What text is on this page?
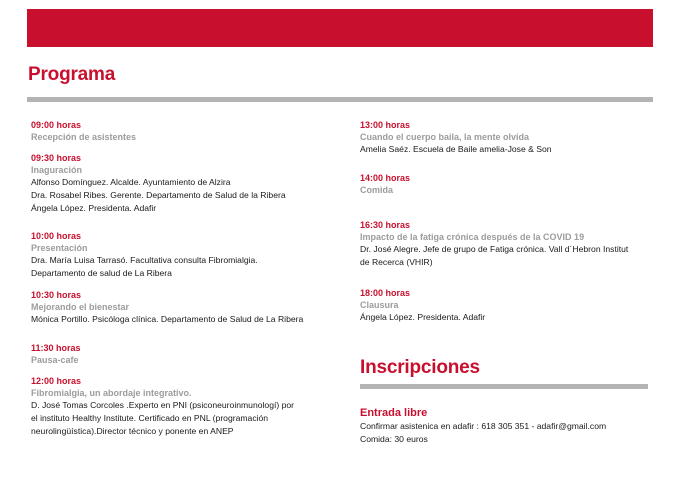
Programa
09:00 horas
Recepción de asistentes
09:30 horas
Inaguración
Alfonso Domínguez. Alcalde. Ayuntamiento de Alzira
Dra. Rosabel Ribes. Gerente. Departamento de Salud de la Ribera
Ángela López. Presidenta. Adafir
10:00 horas
Presentación
Dra. María Luisa Tarrasó. Facultativa consulta Fibromialgia.
Departamento de salud de La Ribera
10:30 horas
Mejorando el bienestar
Mónica Portillo. Psicóloga clínica. Departamento de Salud de La Ribera
11:30 horas
Pausa-cafe
12:00 horas
Fibromialgia, un abordaje integrativo.
D. José Tomas Corcoles .Experto en PNI (psiconeuroinmunologí) por
el instituto Healthy Institute. Certificado en PNL (programación
neurolingüística).Director técnico y ponente en ANEP
13:00 horas
Cuando el cuerpo baila, la mente olvida
Amelia Saéz. Escuela de Baile amelia-Jose & Son
14:00 horas
Comida
16:30 horas
Impacto de la fatiga crónica después de la COVID 19
Dr. José Alegre. Jefe de grupo de Fatiga crónica. Vall d´Hebron Institut
de Recerca (VHIR)
18:00 horas
Clausura
Ángela López. Presidenta. Adafir
Inscripciones
Entrada libre
Confirmar asistenica en adafir : 618 305 351 - adafir@gmail.com
Comida: 30 euros
